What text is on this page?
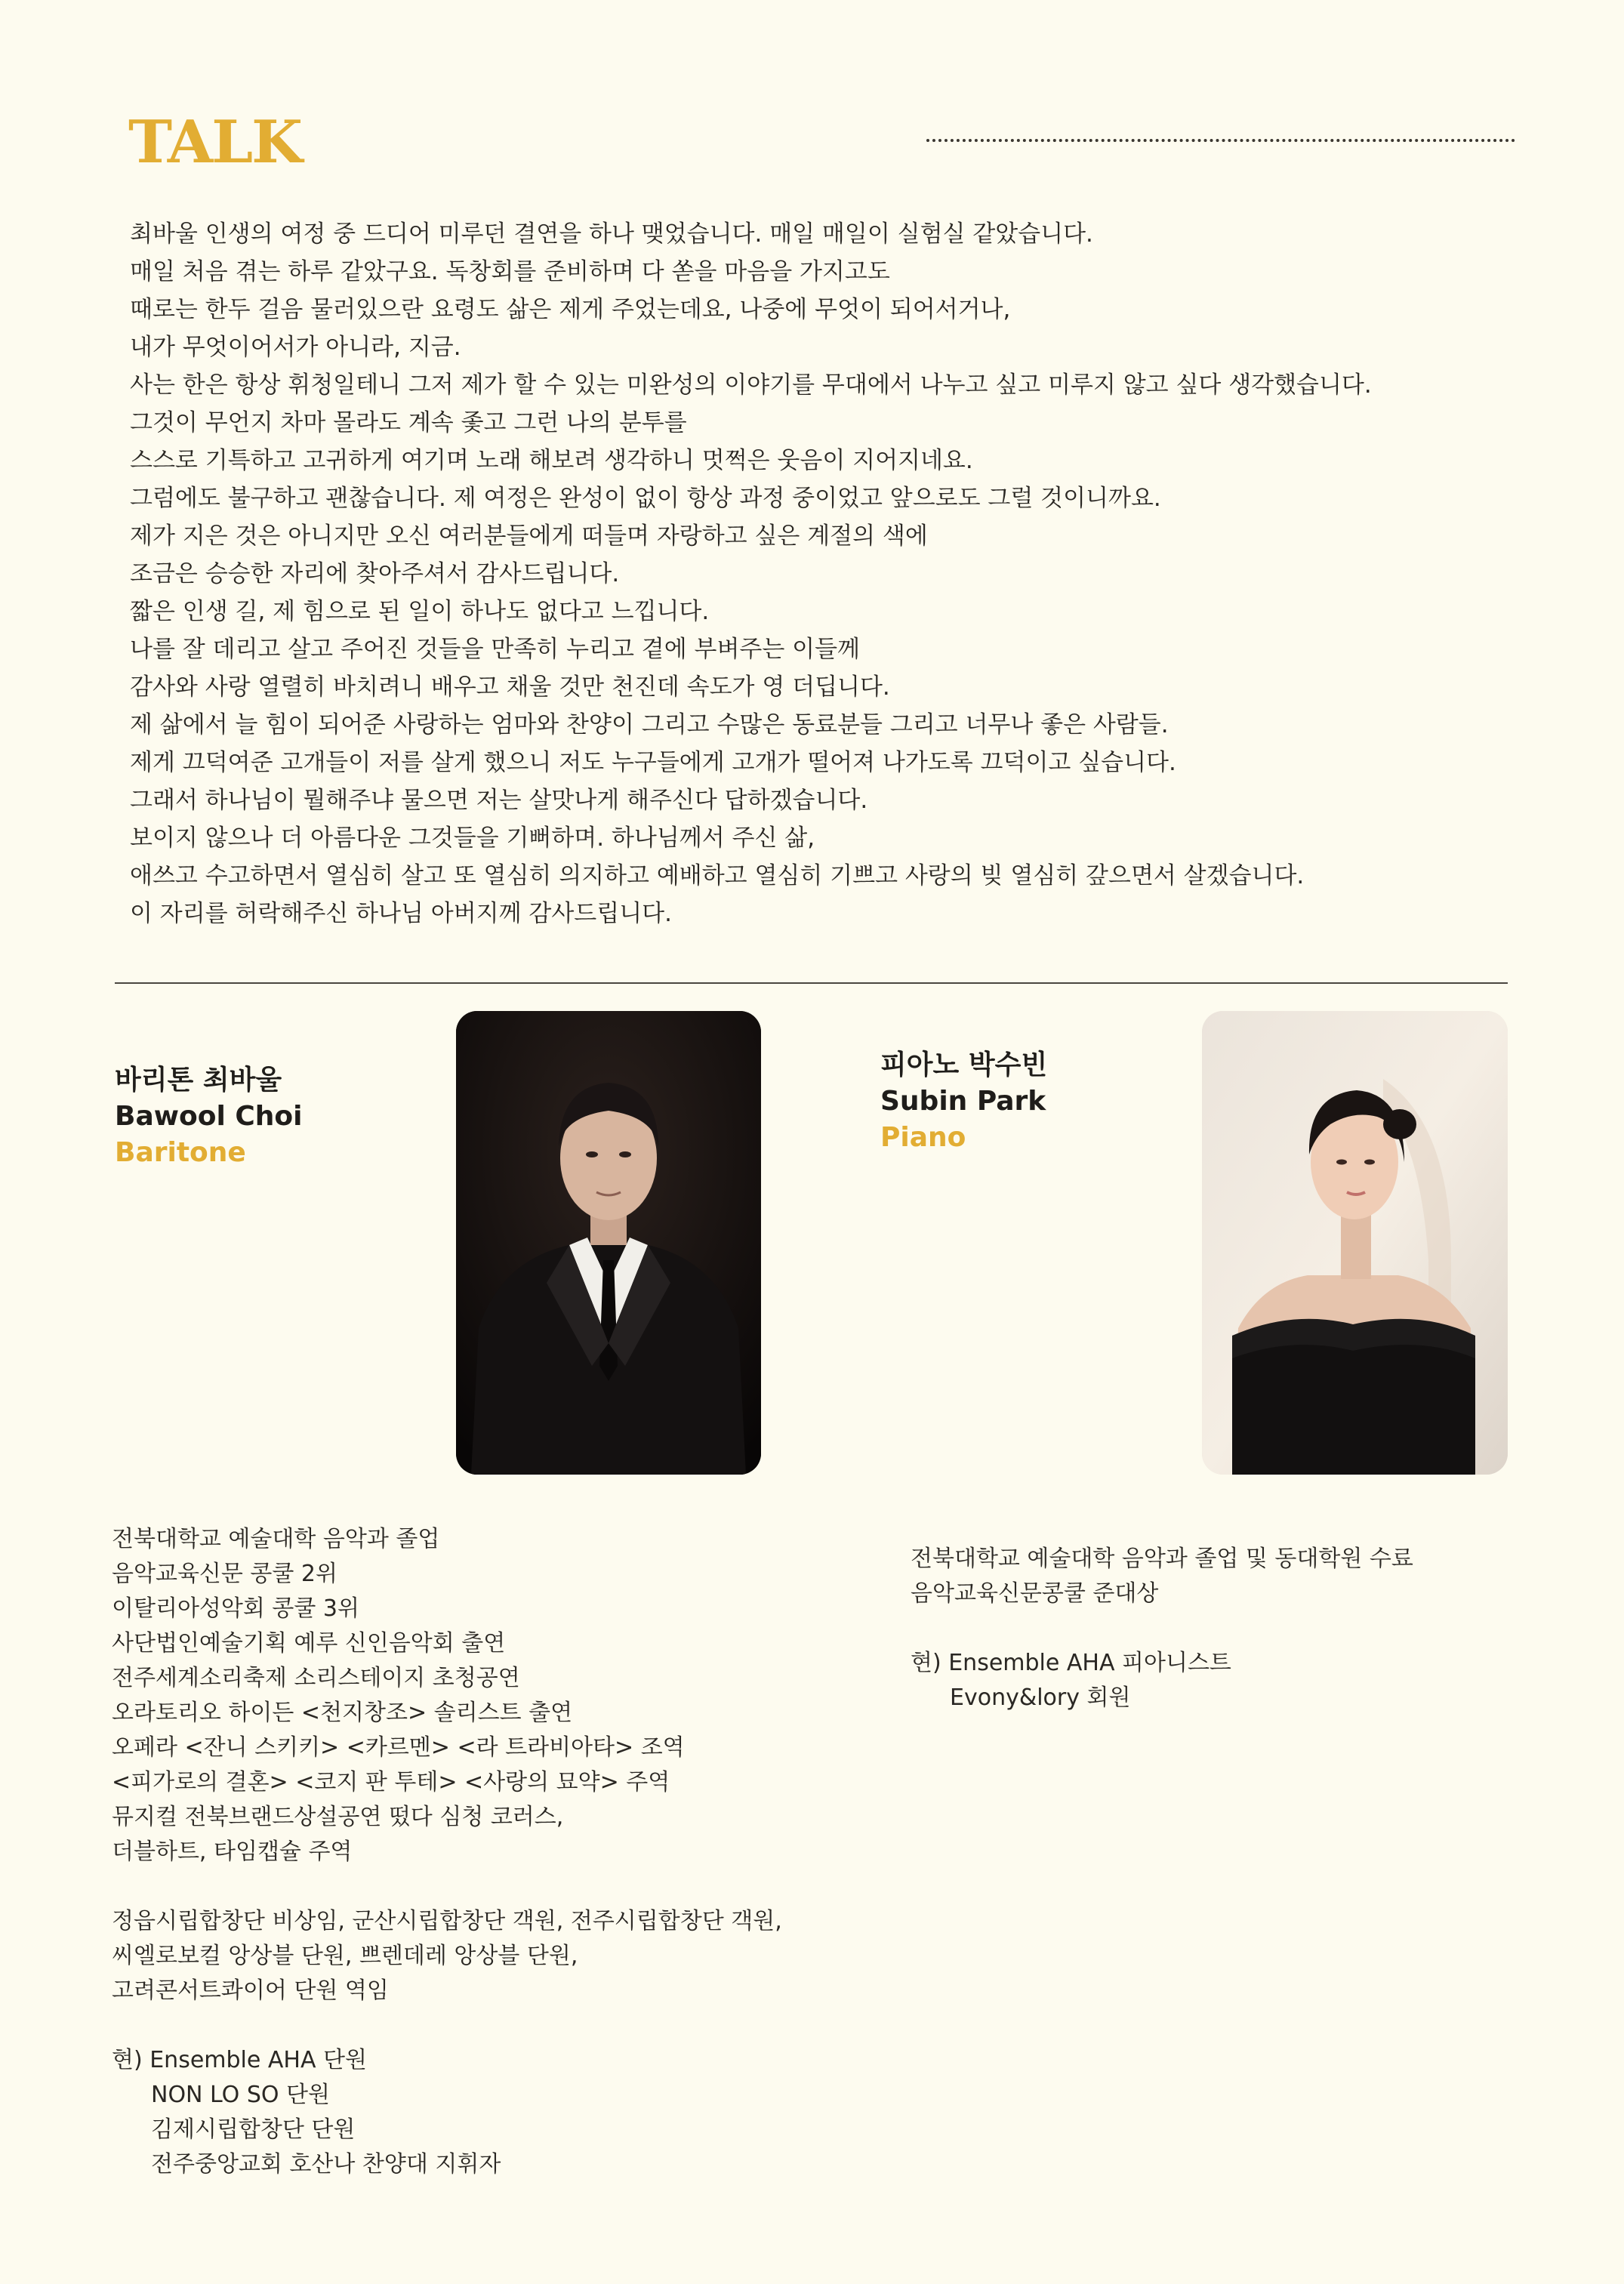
TALK
최바울 인생의 여정 중 드디어 미루던 결연을 하나 맺었습니다. 매일 매일이 실험실 같았습니다.
매일 처음 겪는 하루 같았구요. 독창회를 준비하며 다 쏟을 마음을 가지고도
때로는 한두 걸음 물러있으란 요령도 삶은 제게 주었는데요, 나중에 무엇이 되어서거나,
내가 무엇이어서가 아니라, 지금.
사는 한은 항상 휘청일테니 그저 제가 할 수 있는 미완성의 이야기를 무대에서 나누고 싶고 미루지 않고 싶다 생각했습니다.
그것이 무언지 차마 몰라도 계속 좇고 그런 나의 분투를
스스로 기특하고 고귀하게 여기며 노래 해보려 생각하니 멋쩍은 웃음이 지어지네요.
그럼에도 불구하고 괜찮습니다. 제 여정은 완성이 없이 항상 과정 중이었고 앞으로도 그럴 것이니까요.
제가 지은 것은 아니지만 오신 여러분들에게 떠들며 자랑하고 싶은 계절의 색에
조금은 승승한 자리에 찾아주셔서 감사드립니다.
짧은 인생 길, 제 힘으로 된 일이 하나도 없다고 느낍니다.
나를 잘 데리고 살고 주어진 것들을 만족히 누리고 곁에 부벼주는 이들께
감사와 사랑 열렬히 바치려니 배우고 채울 것만 천진데 속도가 영 더딥니다.
제 삶에서 늘 힘이 되어준 사랑하는 엄마와 찬양이 그리고 수많은 동료분들 그리고 너무나 좋은 사람들.
제게 끄덕여준 고개들이 저를 살게 했으니 저도 누구들에게 고개가 떨어져 나가도록 끄덕이고 싶습니다.
그래서 하나님이 뭘해주냐 물으면 저는 살맛나게 해주신다 답하겠습니다.
보이지 않으나 더 아름다운 그것들을 기뻐하며. 하나님께서 주신 삶,
애쓰고 수고하면서 열심히 살고 또 열심히 의지하고 예배하고 열심히 기쁘고 사랑의 빚 열심히 갚으면서 살겠습니다.
이 자리를 허락해주신 하나님 아버지께 감사드립니다.
바리톤 최바울
Bawool Choi
Baritone
피아노 박수빈
Subin Park
Piano
전북대학교 예술대학 음악과 졸업
음악교육신문 콩쿨 2위
이탈리아성악회 콩쿨 3위
사단법인예술기획 예루 신인음악회 출연
전주세계소리축제 소리스테이지 초청공연
오라토리오 하이든 <천지창조> 솔리스트 출연
오페라 <잔니 스키키> <카르멘> <라 트라비아타> 조역
<피가로의 결혼> <코지 판 투테> <사랑의 묘약> 주역
뮤지컬 전북브랜드상설공연 떴다 심청 코러스,
더블하트, 타임캡슐 주역
정읍시립합창단 비상임, 군산시립합창단 객원, 전주시립합창단 객원,
씨엘로보컬 앙상블 단원, 쁘렌데레 앙상블 단원,
고려콘서트콰이어 단원 역임
현) Ensemble AHA 단원
NON LO SO 단원
김제시립합창단 단원
전주중앙교회 호산나 찬양대 지휘자
전북대학교 예술대학 음악과 졸업 및 동대학원 수료
음악교육신문콩쿨 준대상
현) Ensemble AHA 피아니스트
Evony&lory 회원
